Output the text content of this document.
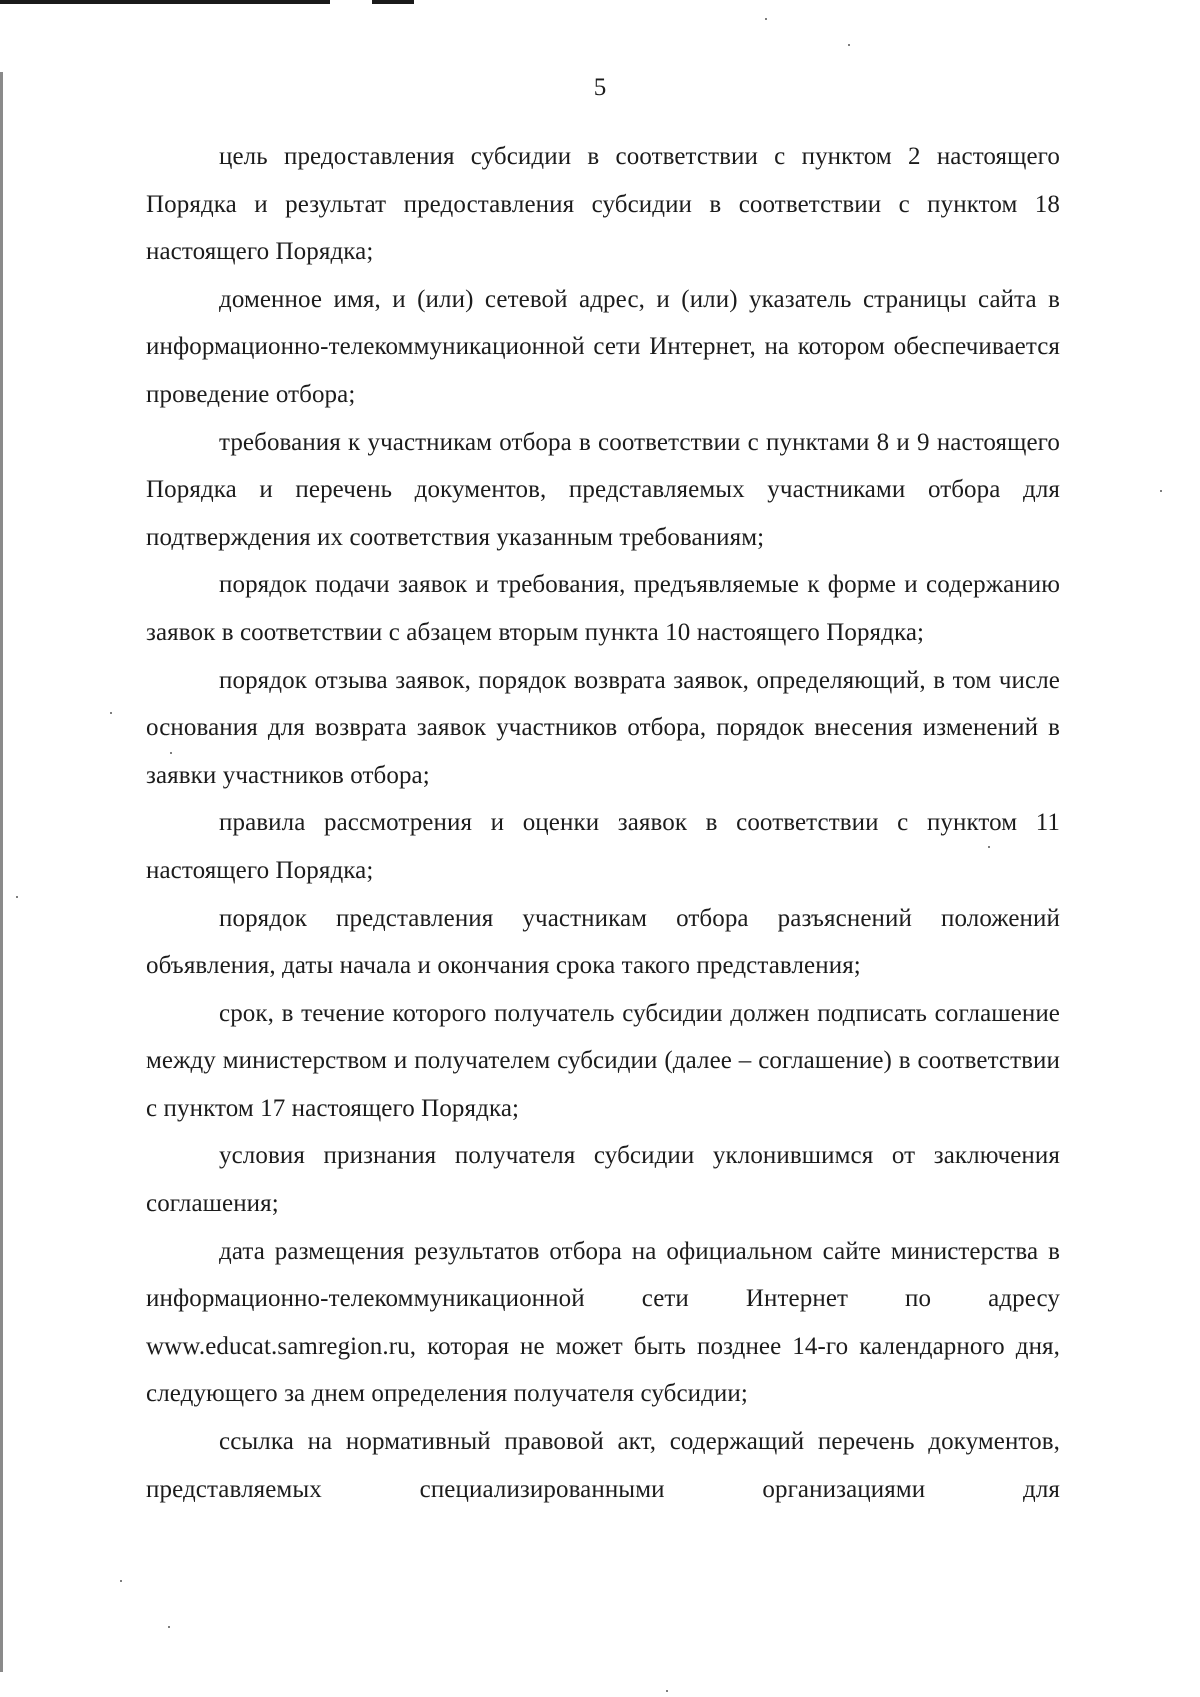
5

цель предоставления субсидии в соответствии с пунктом 2 настоящего Порядка и результат предоставления субсидии в соответствии с пунктом 18 настоящего Порядка;

доменное имя, и (или) сетевой адрес, и (или) указатель страницы сайта в информационно-телекоммуникационной сети Интернет, на котором обеспечивается проведение отбора;

требования к участникам отбора в соответствии с пунктами 8 и 9 настоящего Порядка и перечень документов, представляемых участниками отбора для подтверждения их соответствия указанным требованиям;

порядок подачи заявок и требования, предъявляемые к форме и содержанию заявок в соответствии с абзацем вторым пункта 10 настоящего Порядка;

порядок отзыва заявок, порядок возврата заявок, определяющий, в том числе основания для возврата заявок участников отбора, порядок внесения изменений в заявки участников отбора;

правила рассмотрения и оценки заявок в соответствии с пунктом 11 настоящего Порядка;

порядок представления участникам отбора разъяснений положений объявления, даты начала и окончания срока такого представления;

срок, в течение которого получатель субсидии должен подписать соглашение между министерством и получателем субсидии (далее – соглашение) в соответствии с пунктом 17 настоящего Порядка;

условия признания получателя субсидии уклонившимся от заключения соглашения;

дата размещения результатов отбора на официальном сайте министерства в информационно-телекоммуникационной сети Интернет по адресу www.educat.samregion.ru, которая не может быть позднее 14-го календарного дня, следующего за днем определения получателя субсидии;

ссылка на нормативный правовой акт, содержащий перечень документов, представляемых специализированными организациями для
